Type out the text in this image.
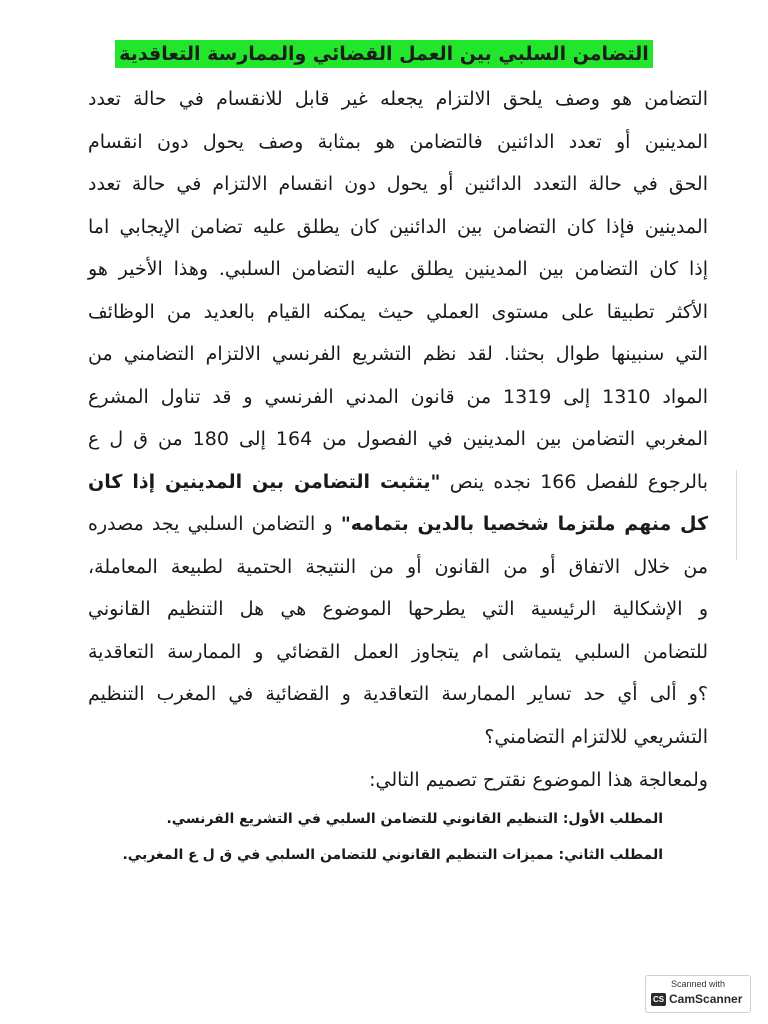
التضامن السلبي بين العمل القضائي والممارسة التعاقدية
التضامن هو وصف يلحق الالتزام يجعله غير قابل للانقسام في حالة تعدد
المدينين أو تعدد الدائنين فالتضامن هو بمثابة وصف يحول دون انقسام
الحق في حالة التعدد الدائنين أو يحول دون انقسام الالتزام في حالة تعدد
المدينين فإذا كان التضامن بين الدائنين كان يطلق عليه تضامن الإيجابي اما
إذا كان التضامن بين المدينين يطلق عليه التضامن السلبي. وهذا الأخير هو
الأكثر تطبيقا على مستوى العملي حيث يمكنه القيام بالعديد من الوظائف
التي سنبينها طوال بحثنا. لقد نظم التشريع الفرنسي الالتزام التضامني من
المواد 1310 إلى 1319 من قانون المدني الفرنسي و قد تناول المشرع
المغربي التضامن بين المدينين في الفصول من 164 إلى 180 من ق ل ع
بالرجوع للفصل 166 نجده ينص "يتثبت التضامن بين المدينين إذا كان
كل منهم ملتزما شخصيا بالدين بتمامه" و التضامن السلبي يجد مصدره
من خلال الاتفاق أو من القانون أو من النتيجة الحتمية لطبيعة المعاملة،
و الإشكالية الرئيسية التي يطرحها الموضوع هي هل التنظيم القانوني
للتضامن السلبي يتماشى ام يتجاوز العمل القضائي و الممارسة التعاقدية
؟و ألى أي حد تساير الممارسة التعاقدية و القضائية في المغرب التنظيم
التشريعي للالتزام التضامني؟
ولمعالجة هذا الموضوع نقترح تصميم التالي:
المطلب الأول: التنظيم القانوني للتضامن السلبي في التشريع الفرنسي.
المطلب الثاني: مميزات التنظيم القانوني للتضامن السلبي في ق ل ع المغربي.
Scanned with
CS CamScanner
